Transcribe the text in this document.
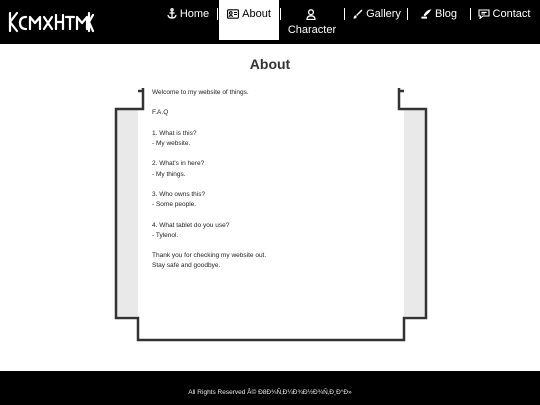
Home	About
Character
Gallery	Blog	Contact
About

Welcome to my website of things.

F.A.Q

1. What is this?

- My website.

2. What's in here?

- My things.

3. Who owns this?

- Some people.

4. What tablet do you use?

- Tylenol.

Thank you for checking my website out.

Stay safe and goodbye.

All Rights Reserved Â© Ð8Ð¾Ñ‚Ð¼Ð¾Ð½Ð¾Ñ‚Ð¸Ð°Ð»
